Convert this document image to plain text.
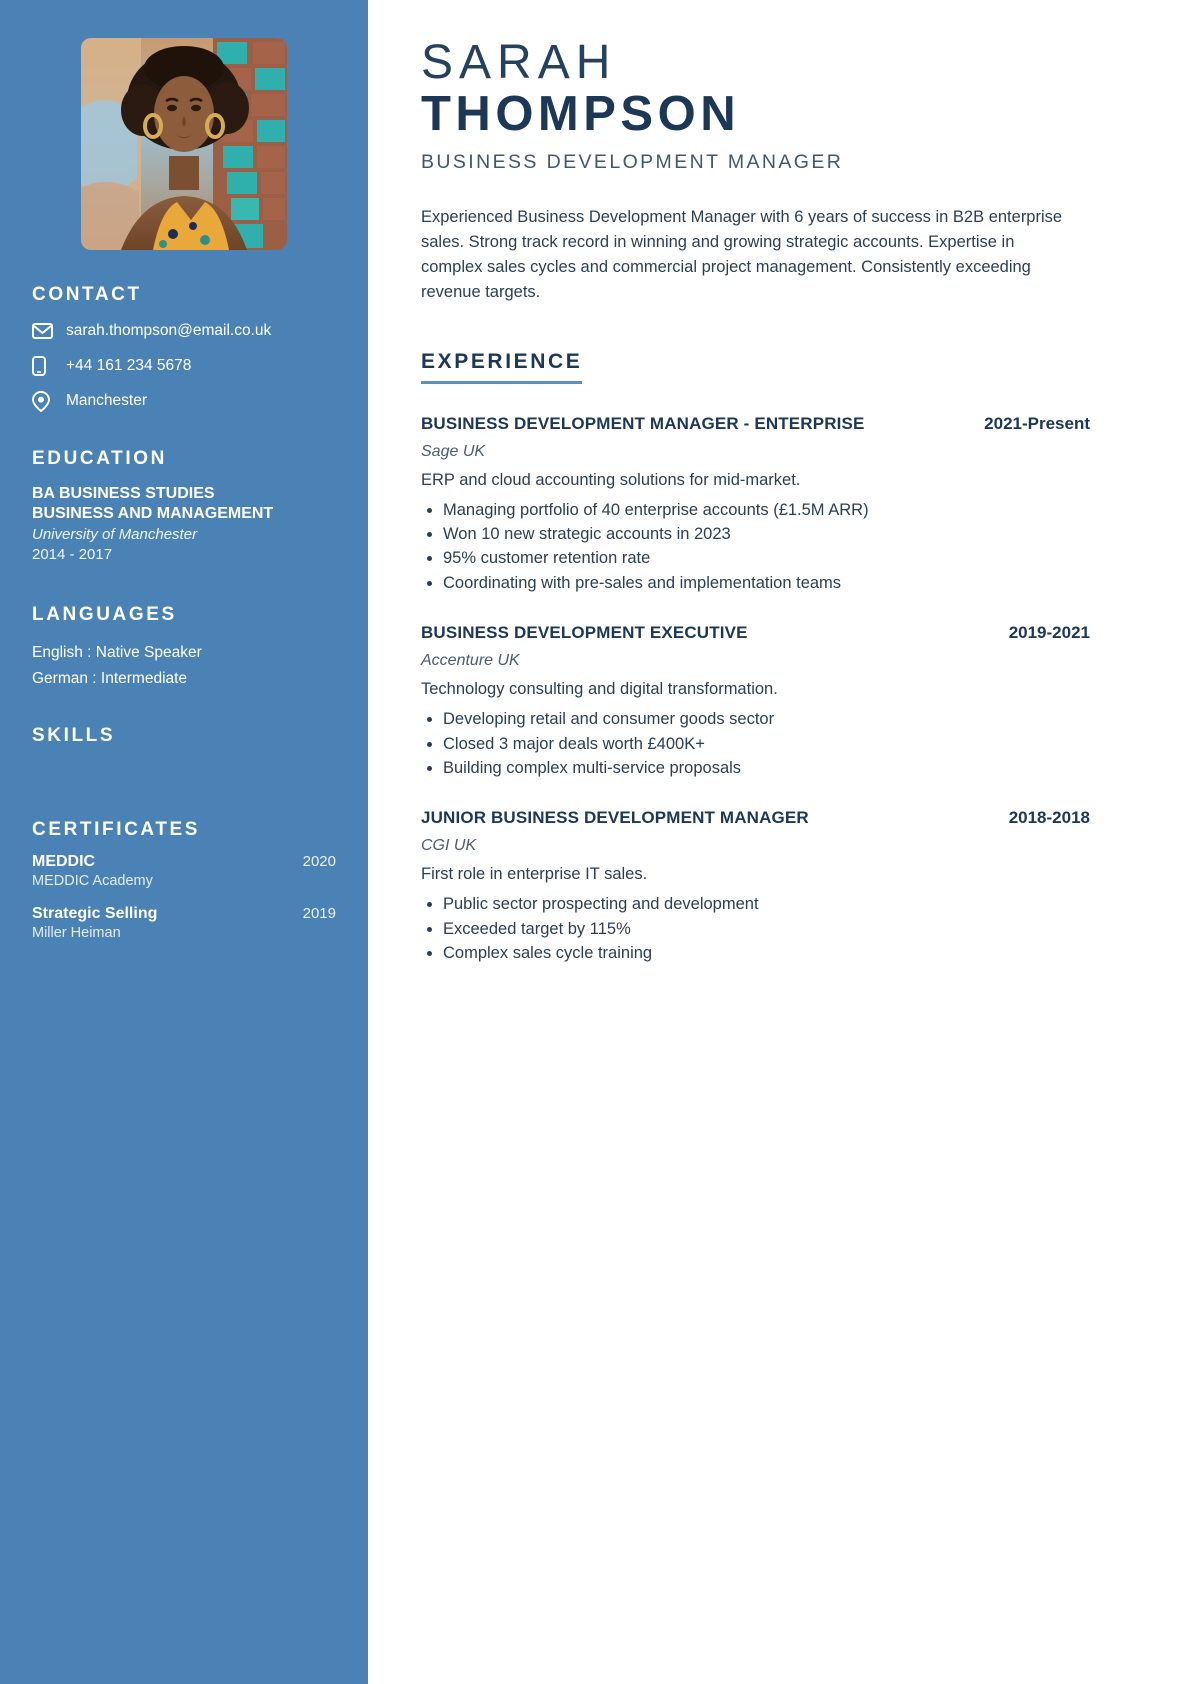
CONTACT
sarah.thompson@email.co.uk
+44 161 234 5678
Manchester
EDUCATION
BA BUSINESS STUDIES
BUSINESS AND MANAGEMENT
University of Manchester
2014 - 2017
LANGUAGES
English : Native Speaker
German : Intermediate
SKILLS
CERTIFICATES
MEDDIC	2020
MEDDIC Academy
Strategic Selling	2019
Miller Heiman
SARAH
THOMPSON
BUSINESS DEVELOPMENT MANAGER

Experienced Business Development Manager with 6 years of success in B2B enterprise sales. Strong track record in winning and growing strategic accounts. Expertise in complex sales cycles and commercial project management. Consistently exceeding revenue targets.

EXPERIENCE
BUSINESS DEVELOPMENT MANAGER - ENTERPRISE	2021-Present
Sage UK
ERP and cloud accounting solutions for mid-market.
Managing portfolio of 40 enterprise accounts (£1.5M ARR)
Won 10 new strategic accounts in 2023
95% customer retention rate
Coordinating with pre-sales and implementation teams
BUSINESS DEVELOPMENT EXECUTIVE	2019-2021
Accenture UK
Technology consulting and digital transformation.
Developing retail and consumer goods sector
Closed 3 major deals worth £400K+
Building complex multi-service proposals
JUNIOR BUSINESS DEVELOPMENT MANAGER	2018-2018
CGI UK
First role in enterprise IT sales.
Public sector prospecting and development
Exceeded target by 115%
Complex sales cycle training
